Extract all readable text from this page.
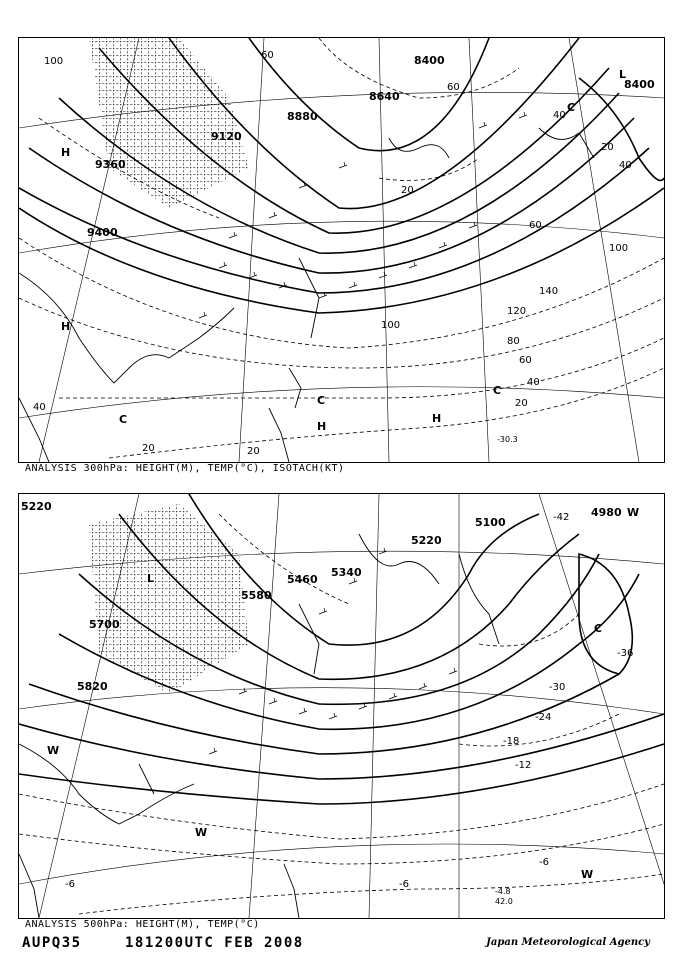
9120
8880
8640
8400
8400
9360
9400
100
60
60
40
20
40
20
60
100
140
120
80
60
40
20
100
40
20	20
H
H
C
H
H
C
C
C
L
-30.3
ANALYSIS 300hPa: HEIGHT(M), TEMP(°C), ISOTACH(KT)
5220
5100
4980
5340
5460
5580
5700
5820
5220
-42
-36
-30
-24
-18
-12
-6
-6
-6
L
C
W
W
W
W
-4.8
42.0
ANALYSIS 500hPa: HEIGHT(M), TEMP(°C)
AUPQ35	181200UTC FEB 2008	Japan Meteorological Agency
